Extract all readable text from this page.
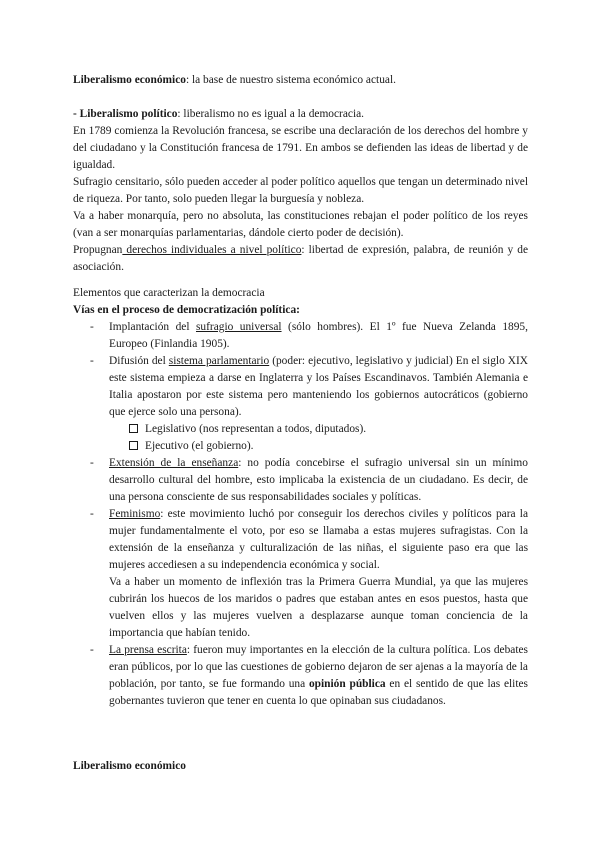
Liberalismo económico: la base de nuestro sistema económico actual.

- Liberalismo político: liberalismo no es igual a la democracia.

En 1789 comienza la Revolución francesa, se escribe una declaración de los derechos del hombre y del ciudadano y la Constitución francesa de 1791. En ambos se defienden las ideas de libertad y de igualdad.

Sufragio censitario, sólo pueden acceder al poder político aquellos que tengan un determinado nivel de riqueza. Por tanto, solo pueden llegar la burguesía y nobleza.

Va a haber monarquía, pero no absoluta, las constituciones rebajan el poder político de los reyes (van a ser monarquías parlamentarias, dándole cierto poder de decisión).

Propugnan derechos individuales a nivel político: libertad de expresión, palabra, de reunión y de asociación.

Elementos que caracterizan la democracia

Vías en el proceso de democratización política:

- Implantación del sufragio universal (sólo hombres). El 1º fue Nueva Zelanda 1895, Europeo (Finlandia 1905).

- Difusión del sistema parlamentario (poder: ejecutivo, legislativo y judicial) En el siglo XIX este sistema empieza a darse en Inglaterra y los Países Escandinavos. También Alemania e Italia apostaron por este sistema pero manteniendo los gobiernos autocráticos (gobierno que ejerce solo una persona).

Legislativo (nos representan a todos, diputados).
Ejecutivo (el gobierno).
- Extensión de la enseñanza: no podía concebirse el sufragio universal sin un mínimo desarrollo cultural del hombre, esto implicaba la existencia de un ciudadano. Es decir, de una persona consciente de sus responsabilidades sociales y políticas.

- Feminismo: este movimiento luchó por conseguir los derechos civiles y políticos para la mujer fundamentalmente el voto, por eso se llamaba a estas mujeres sufragistas. Con la extensión de la enseñanza y culturalización de las niñas, el siguiente paso era que las mujeres accediesen a su independencia económica y social.

Va a haber un momento de inflexión tras la Primera Guerra Mundial, ya que las mujeres cubrirán los huecos de los maridos o padres que estaban antes en esos puestos, hasta que vuelven ellos y las mujeres vuelven a desplazarse aunque toman conciencia de la importancia que habían tenido.

- La prensa escrita: fueron muy importantes en la elección de la cultura política. Los debates eran públicos, por lo que las cuestiones de gobierno dejaron de ser ajenas a la mayoría de la población, por tanto, se fue formando una opinión pública en el sentido de que las elites gobernantes tuvieron que tener en cuenta lo que opinaban sus ciudadanos.

Liberalismo económico
